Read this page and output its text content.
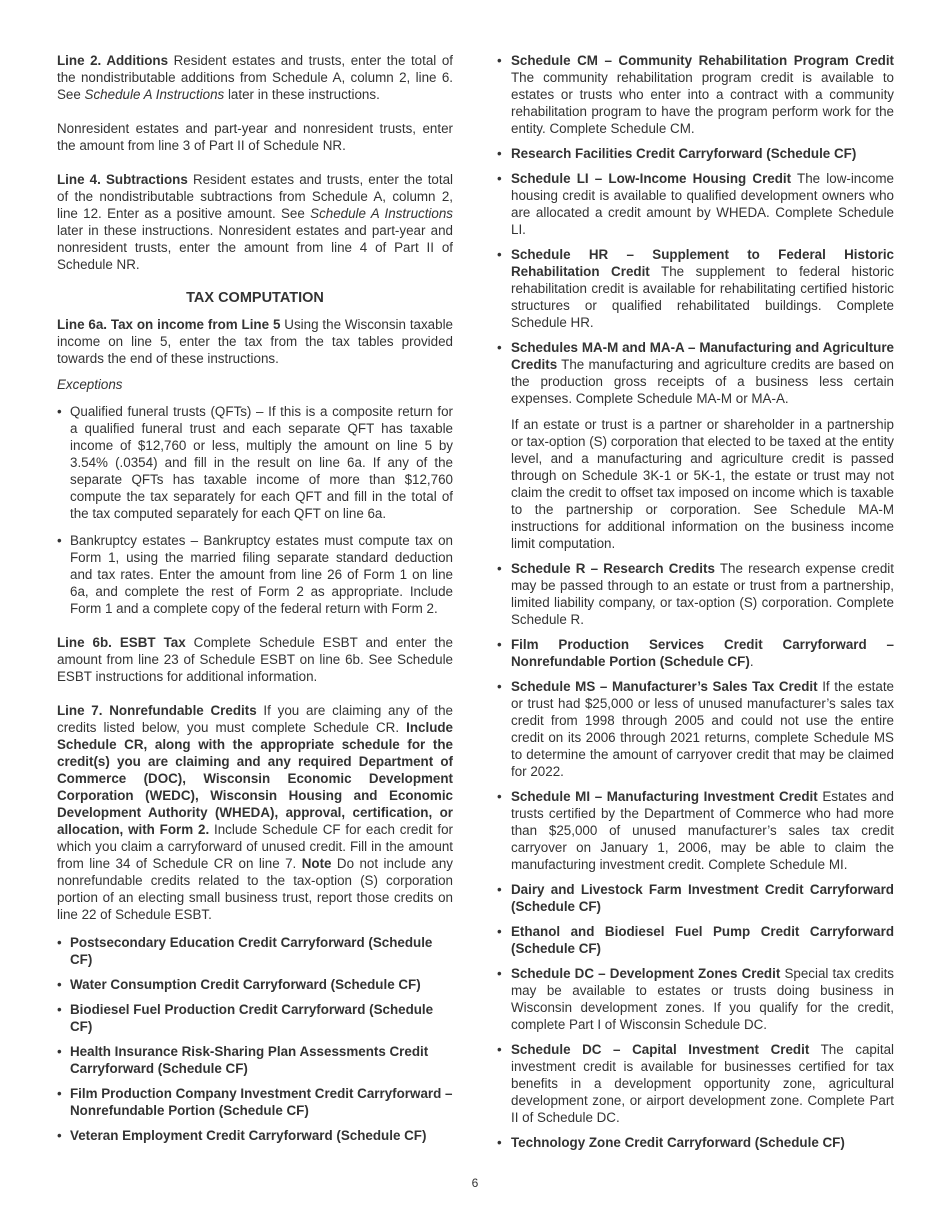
Line 2. Additions Resident estates and trusts, enter the total of the nondistributable additions from Schedule A, column 2, line 6. See Schedule A Instructions later in these instructions.

Nonresident estates and part-year and nonresident trusts, enter the amount from line 3 of Part II of Schedule NR.

Line 4. Subtractions Resident estates and trusts, enter the total of the nondistributable subtractions from Schedule A, column 2, line 12. Enter as a positive amount. See Schedule A Instructions later in these instructions. Nonresident estates and part-year and nonresident trusts, enter the amount from line 4 of Part II of Schedule NR.

TAX COMPUTATION

Line 6a. Tax on income from Line 5 Using the Wisconsin taxable income on line 5, enter the tax from the tax tables provided towards the end of these instructions.

Exceptions
• Qualified funeral trusts (QFTs) – If this is a composite return for a qualified funeral trust and each separate QFT has taxable income of $12,760 or less, multiply the amount on line 5 by 3.54% (.0354) and fill in the result on line 6a. If any of the separate QFTs has taxable income of more than $12,760 compute the tax separately for each QFT and fill in the total of the tax computed separately for each QFT on line 6a.
• Bankruptcy estates – Bankruptcy estates must compute tax on Form 1, using the married filing separate standard deduction and tax rates. Enter the amount from line 26 of Form 1 on line 6a, and complete the rest of Form 2 as appropriate. Include Form 1 and a complete copy of the federal return with Form 2.

Line 6b. ESBT Tax Complete Schedule ESBT and enter the amount from line 23 of Schedule ESBT on line 6b. See Schedule ESBT instructions for additional information.

Line 7. Nonrefundable Credits If you are claiming any of the credits listed below, you must complete Schedule CR. Include Schedule CR, along with the appropriate schedule for the credit(s) you are claiming and any required Department of Commerce (DOC), Wisconsin Economic Development Corporation (WEDC), Wisconsin Housing and Economic Development Authority (WHEDA), approval, certification, or allocation, with Form 2. Include Schedule CF for each credit for which you claim a carryforward of unused credit. Fill in the amount from line 34 of Schedule CR on line 7. Note Do not include any nonrefundable credits related to the tax-option (S) corporation portion of an electing small business trust, report those credits on line 22 of Schedule ESBT.

• Postsecondary Education Credit Carryforward (Schedule CF)
• Water Consumption Credit Carryforward (Schedule CF)
• Biodiesel Fuel Production Credit Carryforward (Schedule CF)
• Health Insurance Risk-Sharing Plan Assessments Credit Carryforward (Schedule CF)
• Film Production Company Investment Credit Carryforward – Nonrefundable Portion (Schedule CF)
• Veteran Employment Credit Carryforward (Schedule CF)
• Schedule CM – Community Rehabilitation Program Credit The community rehabilitation program credit is available to estates or trusts who enter into a contract with a community rehabilitation program to have the program perform work for the entity. Complete Schedule CM.
• Research Facilities Credit Carryforward (Schedule CF)
• Schedule LI – Low-Income Housing Credit The low-income housing credit is available to qualified development owners who are allocated a credit amount by WHEDA. Complete Schedule LI.
• Schedule HR – Supplement to Federal Historic Rehabilitation Credit The supplement to federal historic rehabilitation credit is available for rehabilitating certified historic structures or qualified rehabilitated buildings. Complete Schedule HR.
• Schedules MA-M and MA-A – Manufacturing and Agriculture Credits The manufacturing and agriculture credits are based on the production gross receipts of a business less certain expenses. Complete Schedule MA-M or MA-A.
If an estate or trust is a partner or shareholder in a partnership or tax-option (S) corporation that elected to be taxed at the entity level, and a manufacturing and agriculture credit is passed through on Schedule 3K-1 or 5K-1, the estate or trust may not claim the credit to offset tax imposed on income which is taxable to the partnership or corporation. See Schedule MA-M instructions for additional information on the business income limit computation.
• Schedule R – Research Credits The research expense credit may be passed through to an estate or trust from a partnership, limited liability company, or tax-option (S) corporation. Complete Schedule R.
• Film Production Services Credit Carryforward – Nonrefundable Portion (Schedule CF).
• Schedule MS – Manufacturer’s Sales Tax Credit If the estate or trust had $25,000 or less of unused manufacturer’s sales tax credit from 1998 through 2005 and could not use the entire credit on its 2006 through 2021 returns, complete Schedule MS to determine the amount of carryover credit that may be claimed for 2022.
• Schedule MI – Manufacturing Investment Credit Estates and trusts certified by the Department of Commerce who had more than $25,000 of unused manufacturer’s sales tax credit carryover on January 1, 2006, may be able to claim the manufacturing investment credit. Complete Schedule MI.
• Dairy and Livestock Farm Investment Credit Carryforward (Schedule CF)
• Ethanol and Biodiesel Fuel Pump Credit Carryforward (Schedule CF)
• Schedule DC – Development Zones Credit Special tax credits may be available to estates or trusts doing business in Wisconsin development zones. If you qualify for the credit, complete Part I of Wisconsin Schedule DC.
• Schedule DC – Capital Investment Credit The capital investment credit is available for businesses certified for tax benefits in a development opportunity zone, agricultural development zone, or airport development zone. Complete Part II of Schedule DC.
• Technology Zone Credit Carryforward (Schedule CF)
6
